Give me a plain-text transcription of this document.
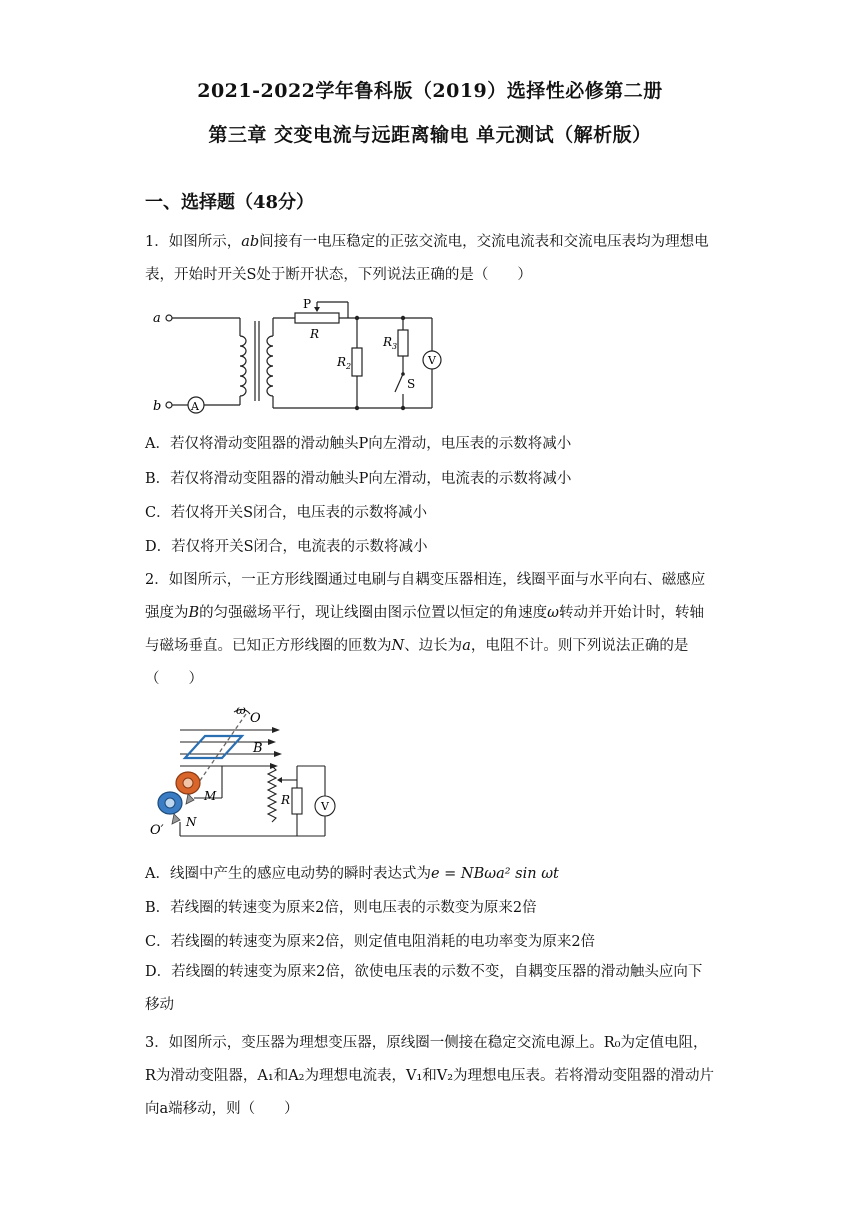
2021-2022学年鲁科版（2019）选择性必修第二册
第三章 交变电流与远距离输电 单元测试（解析版）
一、选择题（48分）
1．如图所示，ab间接有一电压稳定的正弦交流电，交流电流表和交流电压表均为理想电表，开始时开关S处于断开状态，下列说法正确的是（　　）
a
b	A
P
R
$R_2$
$R_3$
S
V
A．若仅将滑动变阻器的滑动触头P向左滑动，电压表的示数将减小
B．若仅将滑动变阻器的滑动触头P向左滑动，电流表的示数将减小
C．若仅将开关S闭合，电压表的示数将减小
D．若仅将开关S闭合，电流表的示数将减小
2．如图所示，一正方形线圈通过电刷与自耦变压器相连，线圈平面与水平向右、磁感应强度为B的匀强磁场平行，现让线圈由图示位置以恒定的角速度ω转动并开始计时，转轴与磁场垂直。已知正方形线圈的匝数为N、边长为a，电阻不计。则下列说法正确的是（　　）
ω
O
B
M
O′
N
R	V
A．线圈中产生的感应电动势的瞬时表达式为e = NBωa² sin ωt
B．若线圈的转速变为原来2倍，则电压表的示数变为原来2倍
C．若线圈的转速变为原来2倍，则定值电阻消耗的电功率变为原来2倍
D．若线圈的转速变为原来2倍，欲使电压表的示数不变，自耦变压器的滑动触头应向下移动
3．如图所示，变压器为理想变压器，原线圈一侧接在稳定交流电源上。R₀为定值电阻，R为滑动变阻器，A₁和A₂为理想电流表，V₁和V₂为理想电压表。若将滑动变阻器的滑动片向a端移动，则（　　）
